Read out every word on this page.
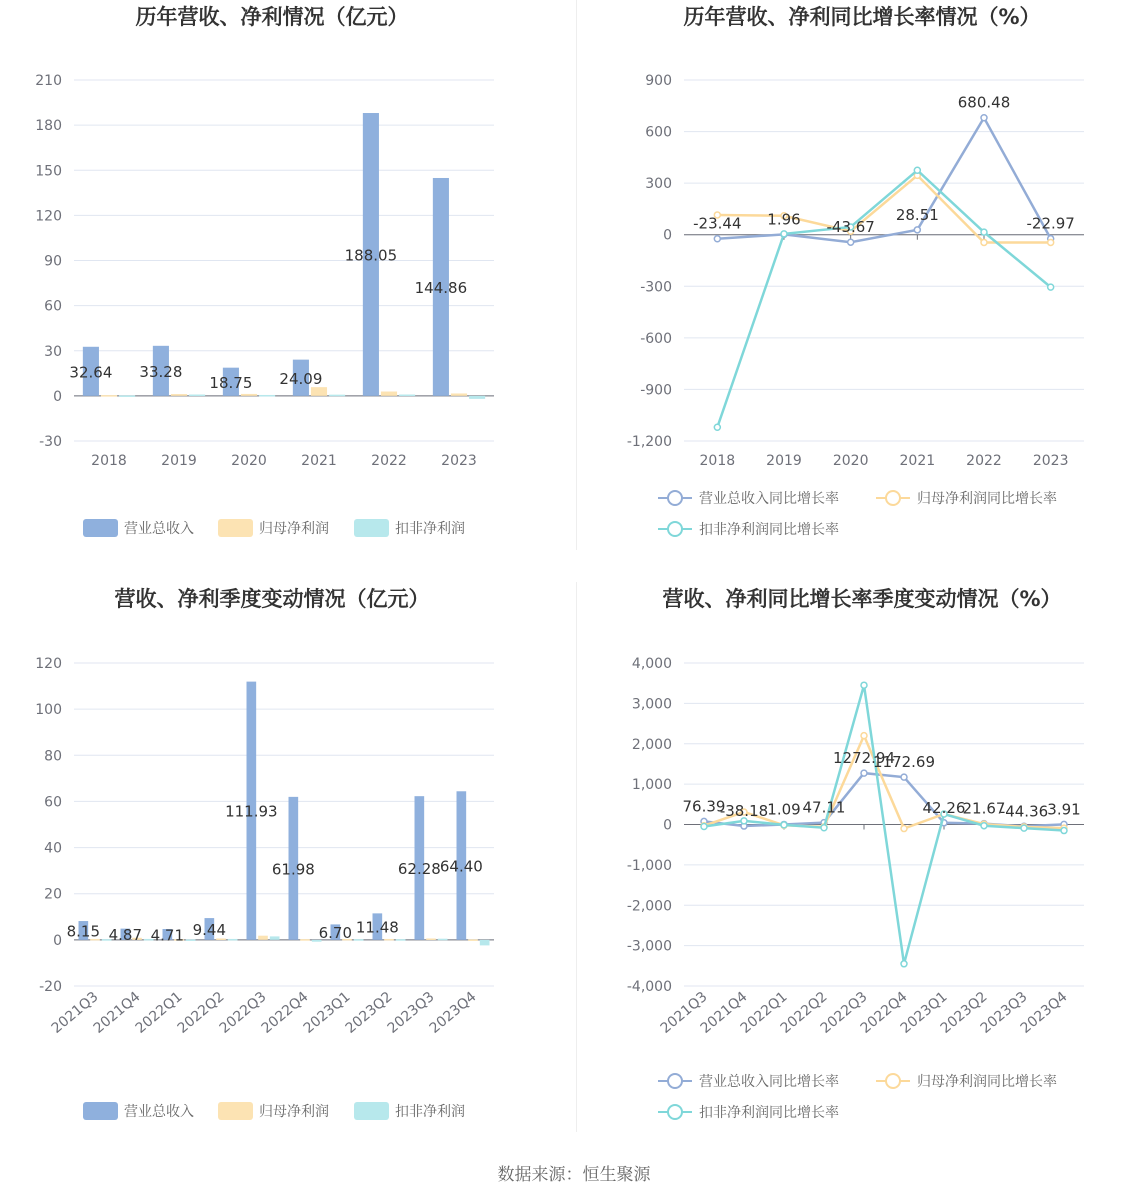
历年营收、净利情况（亿元）
-30
0
30
60
90
120
150
180
210
2018 2019 2020 2021 2022 2023
32.64 33.28
18.75 24.09
188.05
144.86
营业总收入	归母净利润	扣非净利润
历年营收、净利同比增长率情况（%）
-1,200
-900
-600
-300
0
300
600
900
2018 2019 2020 2021 2022 2023
-23.44 1.96 -43.67
28.51
680.48
-22.97
营业总收入同比增长率	归母净利润同比增长率
扣非净利润同比增长率
营收、净利季度变动情况（亿元）
-20
0
20
40
60
80
100
120
2021Q3
2021Q4
2022Q1
2022Q2
2022Q3
2022Q4
2023Q1
2023Q2
2023Q3
2023Q4
8.15 4.87 4.71 9.44
111.93
61.98
6.70 11.48
62.28 64.40
营业总收入	归母净利润	扣非净利润
营收、净利同比增长率季度变动情况（%）
-4,000
-3,000
-2,000
-1,000
0
1,000
2,000
3,000
4,000
2021Q3
2021Q4
2022Q1
2022Q2
2022Q3
2022Q4
2023Q1
2023Q2
2023Q3
2023Q4
76.39
-38.18 1.09 47.11
1272.94
1172.69
42.26
21.67
-44.36 3.91
营业总收入同比增长率	归母净利润同比增长率
扣非净利润同比增长率
数据来源：恒生聚源
